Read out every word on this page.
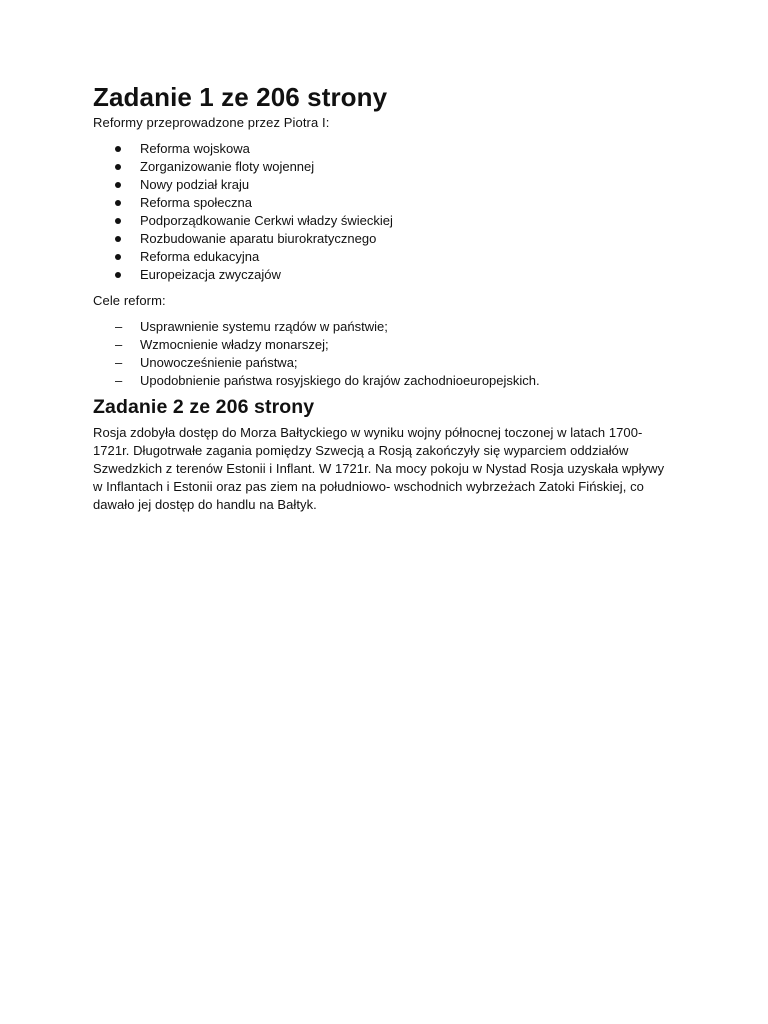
Zadanie 1 ze 206 strony

Reformy przeprowadzone przez Piotra I:

Reforma wojskowa
Zorganizowanie floty wojennej
Nowy podział kraju
Reforma społeczna
Podporządkowanie Cerkwi władzy świeckiej
Rozbudowanie aparatu biurokratycznego
Reforma edukacyjna
Europeizacja zwyczajów

Cele reform:

– Usprawnienie systemu rządów w państwie;
– Wzmocnienie władzy monarszej;
– Unowocześnienie państwa;
– Upodobnienie państwa rosyjskiego do krajów zachodnioeuropejskich.
Zadanie 2 ze 206 strony

Rosja zdobyła dostęp do Morza Bałtyckiego w wyniku wojny północnej toczonej w latach 1700-1721r. Długotrwałe zagania pomiędzy Szwecją a Rosją zakończyły się wyparciem oddziałów Szwedzkich z terenów Estonii i Inflant. W 1721r. Na mocy pokoju w Nystad Rosja uzyskała wpływy w Inflantach i Estonii oraz pas ziem na południowo- wschodnich wybrzeżach Zatoki Fińskiej, co dawało jej dostęp do handlu na Bałtyk.
